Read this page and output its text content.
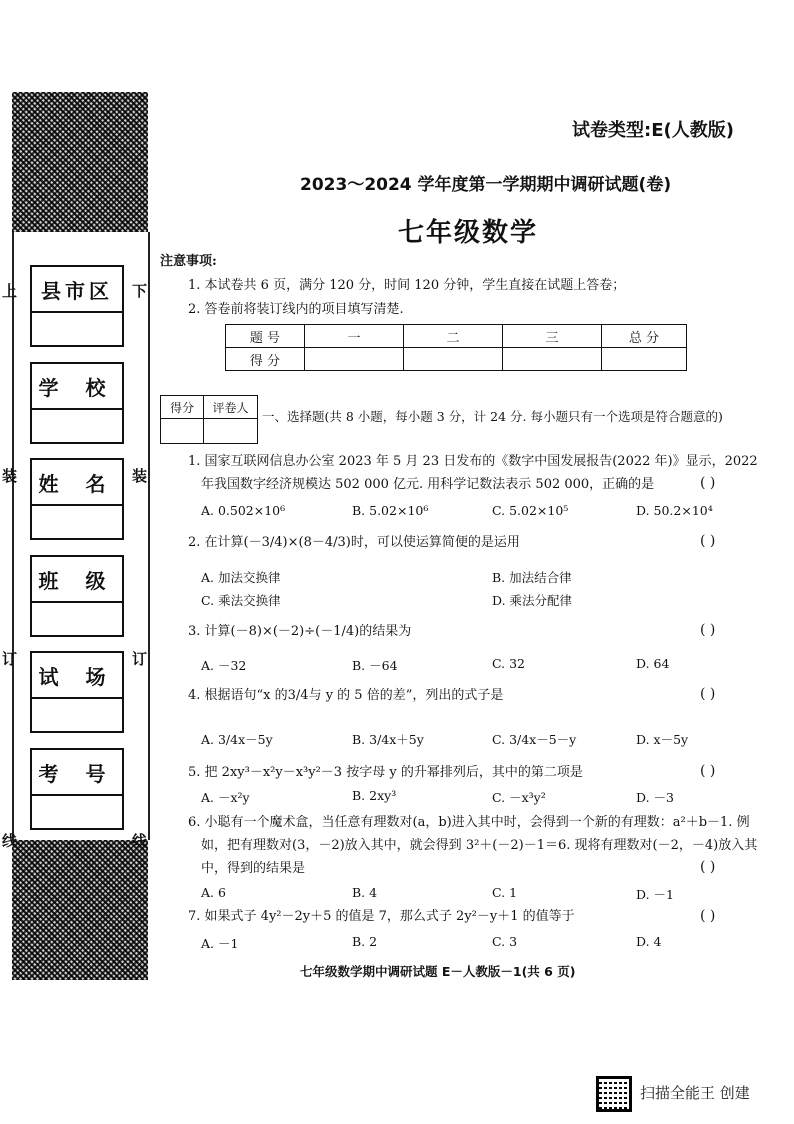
上
装
订
线
下
装
订
线
县市区
学 校
姓 名
班 级
试 场
考 号
试卷类型:E(人教版)
2023～2024 学年度第一学期期中调研试题(卷)
七年级数学
注意事项:
1. 本试卷共 6 页，满分 120 分，时间 120 分钟，学生直接在试题上答卷；
2. 答卷前将装订线内的项目填写清楚.
题 号	一	二	三	总 分
得 分				
得分	评卷人

一、选择题(共 8 小题，每小题 3 分，计 24 分. 每小题只有一个选项是符合题意的)
1. 国家互联网信息办公室 2023 年 5 月 23 日发布的《数字中国发展报告(2022 年)》显示，2022
年我国数字经济规模达 502 000 亿元. 用科学记数法表示 502 000，正确的是	( )
A. 0.502×10⁶	B. 5.02×10⁶	C. 5.02×10⁵	D. 50.2×10⁴
2. 在计算(－3/4)×(8－4/3)时，可以使运算简便的是运用	( )
A. 加法交换律	B. 加法结合律
C. 乘法交换律	D. 乘法分配律
3. 计算(－8)×(－2)÷(－1/4)的结果为	( )
A. －32	B. －64	C. 32	D. 64
4. 根据语句“x 的3/4与 y 的 5 倍的差”，列出的式子是	( )
A. 3/4x－5y	B. 3/4x＋5y	C. 3/4x－5－y	D. x－5y
5. 把 2xy³－x²y－x³y²－3 按字母 y 的升幂排列后，其中的第二项是	( )
A. －x²y	B. 2xy³	C. －x³y²	D. －3
6. 小聪有一个魔术盒，当任意有理数对(a，b)进入其中时，会得到一个新的有理数：a²＋b－1. 例
如，把有理数对(3，－2)放入其中，就会得到 3²＋(－2)－1＝6. 现将有理数对(－2，－4)放入其
中，得到的结果是	( )
A. 6	B. 4	C. 1	D. －1
7. 如果式子 4y²－2y＋5 的值是 7，那么式子 2y²－y＋1 的值等于	( )
A. －1	B. 2	C. 3	D. 4
七年级数学期中调研试题 E－人教版－1(共 6 页)
扫描全能王 创建
